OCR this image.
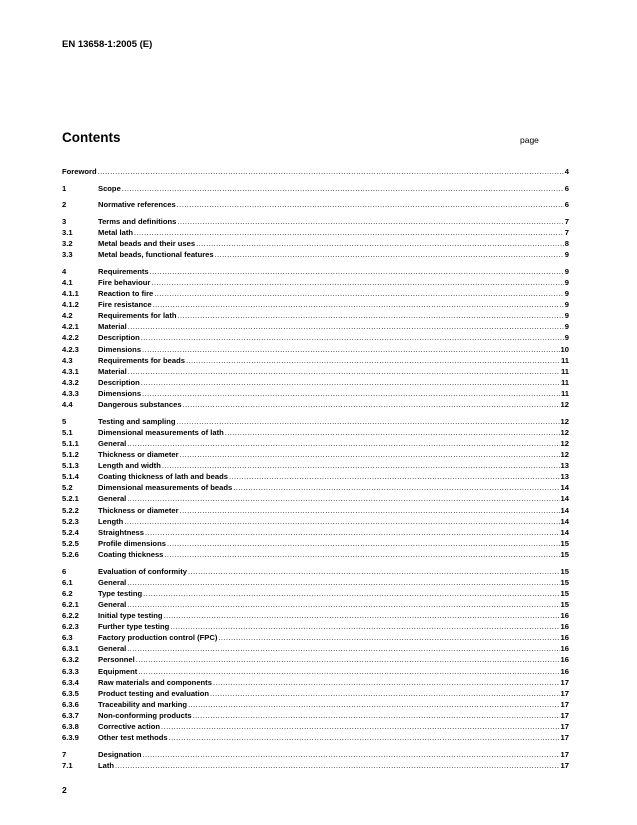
EN 13658-1:2005 (E)

Contents	page

Foreword .....	4
1	Scope .....	6
2	Normative references .....	6
3	Terms and definitions .....	7
3.1	Metal lath .....	7
3.2	Metal beads and their uses .....	8
3.3	Metal beads, functional features .....	9
4	Requirements .....	9
4.1	Fire behaviour .....	9
4.1.1	Reaction to fire .....	9
4.1.2	Fire resistance .....	9
4.2	Requirements for lath .....	9
4.2.1	Material .....	9
4.2.2	Description .....	9
4.2.3	Dimensions .....	10
4.3	Requirements for beads .....	11
4.3.1	Material .....	11
4.3.2	Description .....	11
4.3.3	Dimensions .....	11
4.4	Dangerous substances .....	12
5	Testing and sampling .....	12
5.1	Dimensional measurements of lath .....	12
5.1.1	General .....	12
5.1.2	Thickness or diameter .....	12
5.1.3	Length and width .....	13
5.1.4	Coating thickness of lath and beads .....	13
5.2	Dimensional measurements of beads .....	14
5.2.1	General .....	14
5.2.2	Thickness or diameter .....	14
5.2.3	Length .....	14
5.2.4	Straightness .....	14
5.2.5	Profile dimensions .....	15
5.2.6	Coating thickness .....	15
6	Evaluation of conformity .....	15
6.1	General .....	15
6.2	Type testing .....	15
6.2.1	General .....	15
6.2.2	Initial type testing .....	16
6.2.3	Further type testing .....	16
6.3	Factory production control (FPC) .....	16
6.3.1	General .....	16
6.3.2	Personnel .....	16
6.3.3	Equipment .....	16
6.3.4	Raw materials and components .....	17
6.3.5	Product testing and evaluation .....	17
6.3.6	Traceability and marking .....	17
6.3.7	Non-conforming products .....	17
6.3.8	Corrective action .....	17
6.3.9	Other test methods .....	17
7	Designation .....	17
7.1	Lath .....	17

2
